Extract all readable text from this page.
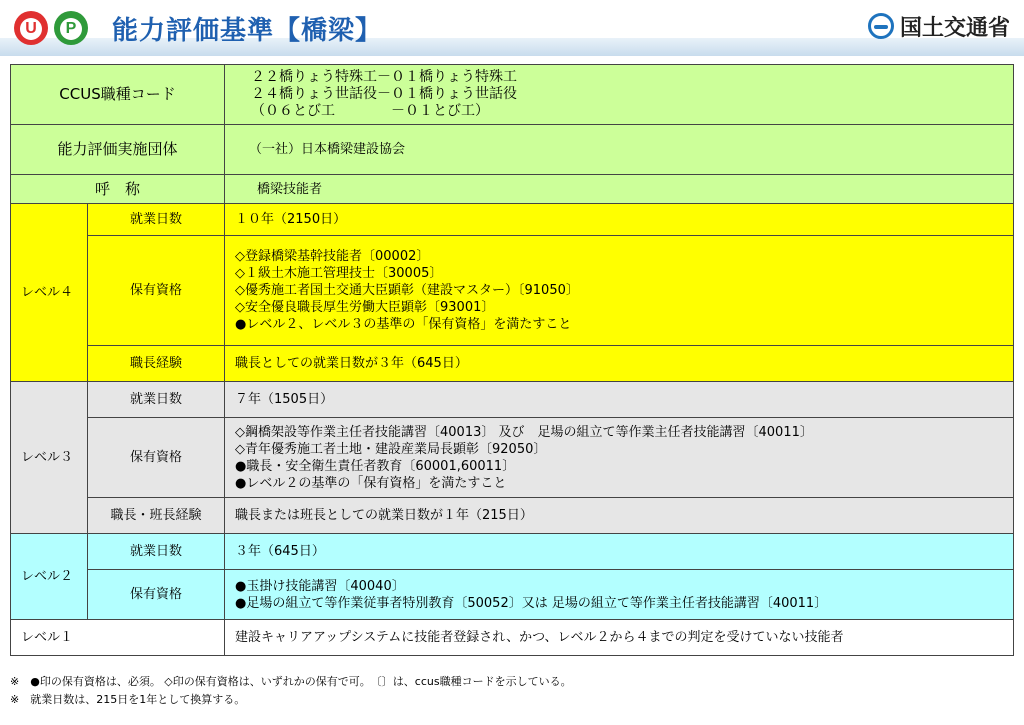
U	P 能力評価基準【橋梁】	国土交通省
CCUS職種コード		２２橋りょう特殊工－０１橋りょう特殊工
２４橋りょう世話役－０１橋りょう世話役
（０６とび工　　　　－０１とび工）

能力評価実施団体		（一社）日本橋梁建設協会
呼　称		橋梁技能者
レベル４	就業日数	１０年（2150日）
	保有資格	◇登録橋梁基幹技能者〔00002〕
◇１級土木施工管理技士〔30005〕
◇優秀施工者国土交通大臣顕彰（建設マスター）〔91050〕
◇安全優良職長厚生労働大臣顕彰〔93001〕
●レベル２、レベル３の基準の「保有資格」を満たすこと

	職長経験	職長としての就業日数が３年（645日）
レベル３	就業日数	７年（1505日）
	保有資格	◇鋼橋架設等作業主任者技能講習〔40013〕 及び　足場の組立て等作業主任者技能講習〔40011〕
◇青年優秀施工者土地・建設産業局長顕彰〔92050〕
●職長・安全衛生責任者教育〔60001,60011〕
●レベル２の基準の「保有資格」を満たすこと

	職長・班長経験	職長または班長としての就業日数が１年（215日）
レベル２	就業日数	３年（645日）
	保有資格	●玉掛け技能講習〔40040〕
●足場の組立て等作業従事者特別教育〔50052〕又は 足場の組立て等作業主任者技能講習〔40011〕

レベル１		建設キャリアアップシステムに技能者登録され、かつ、レベル２から４までの判定を受けていない技能者
※　●印の保有資格は、必須。 ◇印の保有資格は、いずれかの保有で可。　〔〕は、ccus職種コードを示している。
※　就業日数は、215日を1年として換算する。
